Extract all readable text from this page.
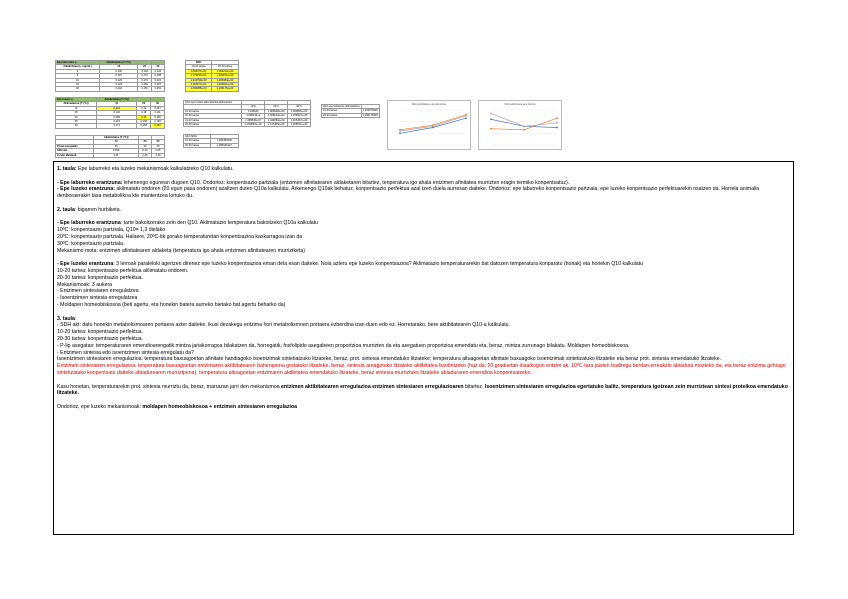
Epe laburreko e.	Alkalinitatea (T (ºC))		
Alkalinitatea (+ mg/mL)	10	20	30
0	0,100	0,148	0,226
5	0,115	0,170	0,258
10	0,129	0,173	0,261
15	0,126	0,160	0,267
20	0,104	0,150	0,251
SDH	
10-20 tartea	20-30 tartea
1,693377e-01	1,062212e+00
1,779237e-01	1,051871e+00
1,342790e-00	1,205484e+00
1,118077e-04	1,400021e+00
1,099355e-03	1,196175e+00
Epe luzeko e.	Alkalinitatea (T (ºC))		
Aklimatazioa (T (ºC))	10	20	30
10	0,144	0,13	0,227
15	0,142	0,18	0,111
20	0,095	0,16	0,165
25	0,219	0,138	0,148
30	0,271	0,158	0,187
Q10 epe luzeko aklimatazioa Aklimatazio			
	10ºC	20ºC	30ºC
10-20 tartea	1,045025	1,680848e+00	1,020861e+00
20-30 tartea	1,085146+2	1,608103e+00	1,100817e+00
10-20 tartea	1,386546e-07	1,444860e+00	1,015407e+00
20-30 tartea	1,230587e+16	1,117465e+00	1,228071e+00
	Alkalinitatea (T (ºC))		
	10	20	30
Pisua energetiko	30	30	30
SDH akt.	0,095	0,13	0,05
P ratio Metaboli.	0,11	1,20	1,20
Q10 ISDH	
10-20 tartea	1,280459330
20-30 tartea	1,086041927
Q10 epe laburreko aklimatazioa	
10-20 tartea	1,193976926
20-30 tartea	1,096178336
SDH aktibitatea epe laburreko	SDH aktibitatea epe luzeko

1. taula: Epe laburreko eta luzeko mekanismoak kalkulatzeko Q10 kalkulatu.

- Epe laburreko erantzuna: lehenengo egunean dugoen Q10. Ondorioz: konpentsazio partziala (entzimen afinitatearen aldaketaren bitartez, tenperatura igo ahala entzimen afinitatea murrizten eragin termiko konpentsatuz).

- Epe luzeko erantzuna: aklimatatu ondoren (20 egun pasa ondoren) azaltzen duten Q10a kalkulatu. Arkenengo Q10ak behatuz, konpentsazio perfektua azal tzen duela aurresan daiteke. Ondorioz: epe laburreko konpentsazio partziala, epe luzeko konpentsazio perfektuarekin osatzen da. Horrela animalia denboraerakin tasa metabolikoa kte mantentzea lortuko du.

2. taula: bigarren hurbiketa.

- Epe laburreko erantzuna: tarte bakoitzerako zein den Q10. Aklimatazio temperatura bakoitzeko Q10a kalkulatu
10ºC: konpentsazio partziala, Q10= 1,3 dielako
20ºC: konpentsazio partziala. Halaere, 20ºC-tik gorako temperaturetan konpentsazioa kaxkarragoa izan da
30ºC: konpentsazio partziala.
Mekanismo mota: entzimen afinitatearen aldaketa (tenperatura igo ahala entzimen afinitatearen murriztketa)

- Epe luzeko erantzuna: 3 lerroak paraleloki agertzen direnez epe luzeko konpentsazioa eman dela esan daiteke. Nola azteru epe luzeko konpentsazioa? Aklimatazio temperaturarekin bat datozen temperatura konparatu (horiak) eta horiekin Q10 kalkulatu
10-20 tartea: konpentsazio perfektua aklimatatu ondoren.
20-30 tartea: konpentsazio perfektua.
Mekanismoak: 3 aukera
- Entzimen sintesiaren erregulatzea
- Isoentzimen sintesia erregulatzea
- Moldapen homeobiskosoa (beti agertu, eta honekin batera aurreko bietako bat agertu beharko da)

3. taula:
- SDH akt: datu honekin metabolismoaren portaera azter daiteke, ikusi dezakegu entzima hori metabolismoen portaera ezberdina izan duen edo ez. Horretarako, bere aktibitatearen Q10-a kalkulatu.
10-20 tartea: konpentsazio perfektua.
20-30 tartea: konpentsazio perfektua.
- P-lip asegatas: temperaturaren emendioarengatik mintza jariakorragoa bilakatzen da, horregatik, fosfolipido asegabeen proportzioa murrizten da eta asegatuen proportzioa emendatu eta, beraz, mintza zurrunago bilakatu. Moldapen homeobiskosoa.
- Entzimen sintesia edo isoentzimen sintesia erregulatu da?
Isoentzimen sintesiaren erregulazioa: temperatura baxuagoetan afinitate handiagoko isoentzimak sintetiatzuko litzateke, beraz, prot. sintesia emendatuko litzateke; temperatura altuagoetan afinitate baxuagoko isoentzimak sintetizatuko litzateke eta beraz prot. sintesia emendatuko litzateke.

Entzimen sintesiaren erregulazioa: tenperatura baxuagoetan entzimaren aktibitatearen baherapena gertatuko litzateke, beraz, sintesia areagotuko litzateke aktibitatea bardintzeko (haz da; 20 graduetan diaaikogun entzim ak. 10ºC-tara jaisten badiregu berdan erreakzio abiadura mozteko da, eta beraz entzima gehiago sintetizatuko konpentsatu daiteke abiadurearen murriztpena); temperatura altuagoetan entzimaren aktibitatea emendatuko litzateke, beraz sintesia murriztuko litzateke abiaduraren emendioa konpentsatzeko.

Kasu honetan, tenperaturarekin prot. sintesia murriztu da, beraz, marrazan jarri den mekanismoa entzimen aktibitatearen erregulazioa entzimen sintesiaren erregulazioaren bitartez. Isoentzimen sintesiaren erregulazioa egertatuko balitz, temperatura igotzean zein murriztean sintesi proteikoa emendatuko litzateke.

Ondorioz, epe luzeko mekanismoak: moldapen homeobiskosoa + entzimen sintesiaren erregulazioa
